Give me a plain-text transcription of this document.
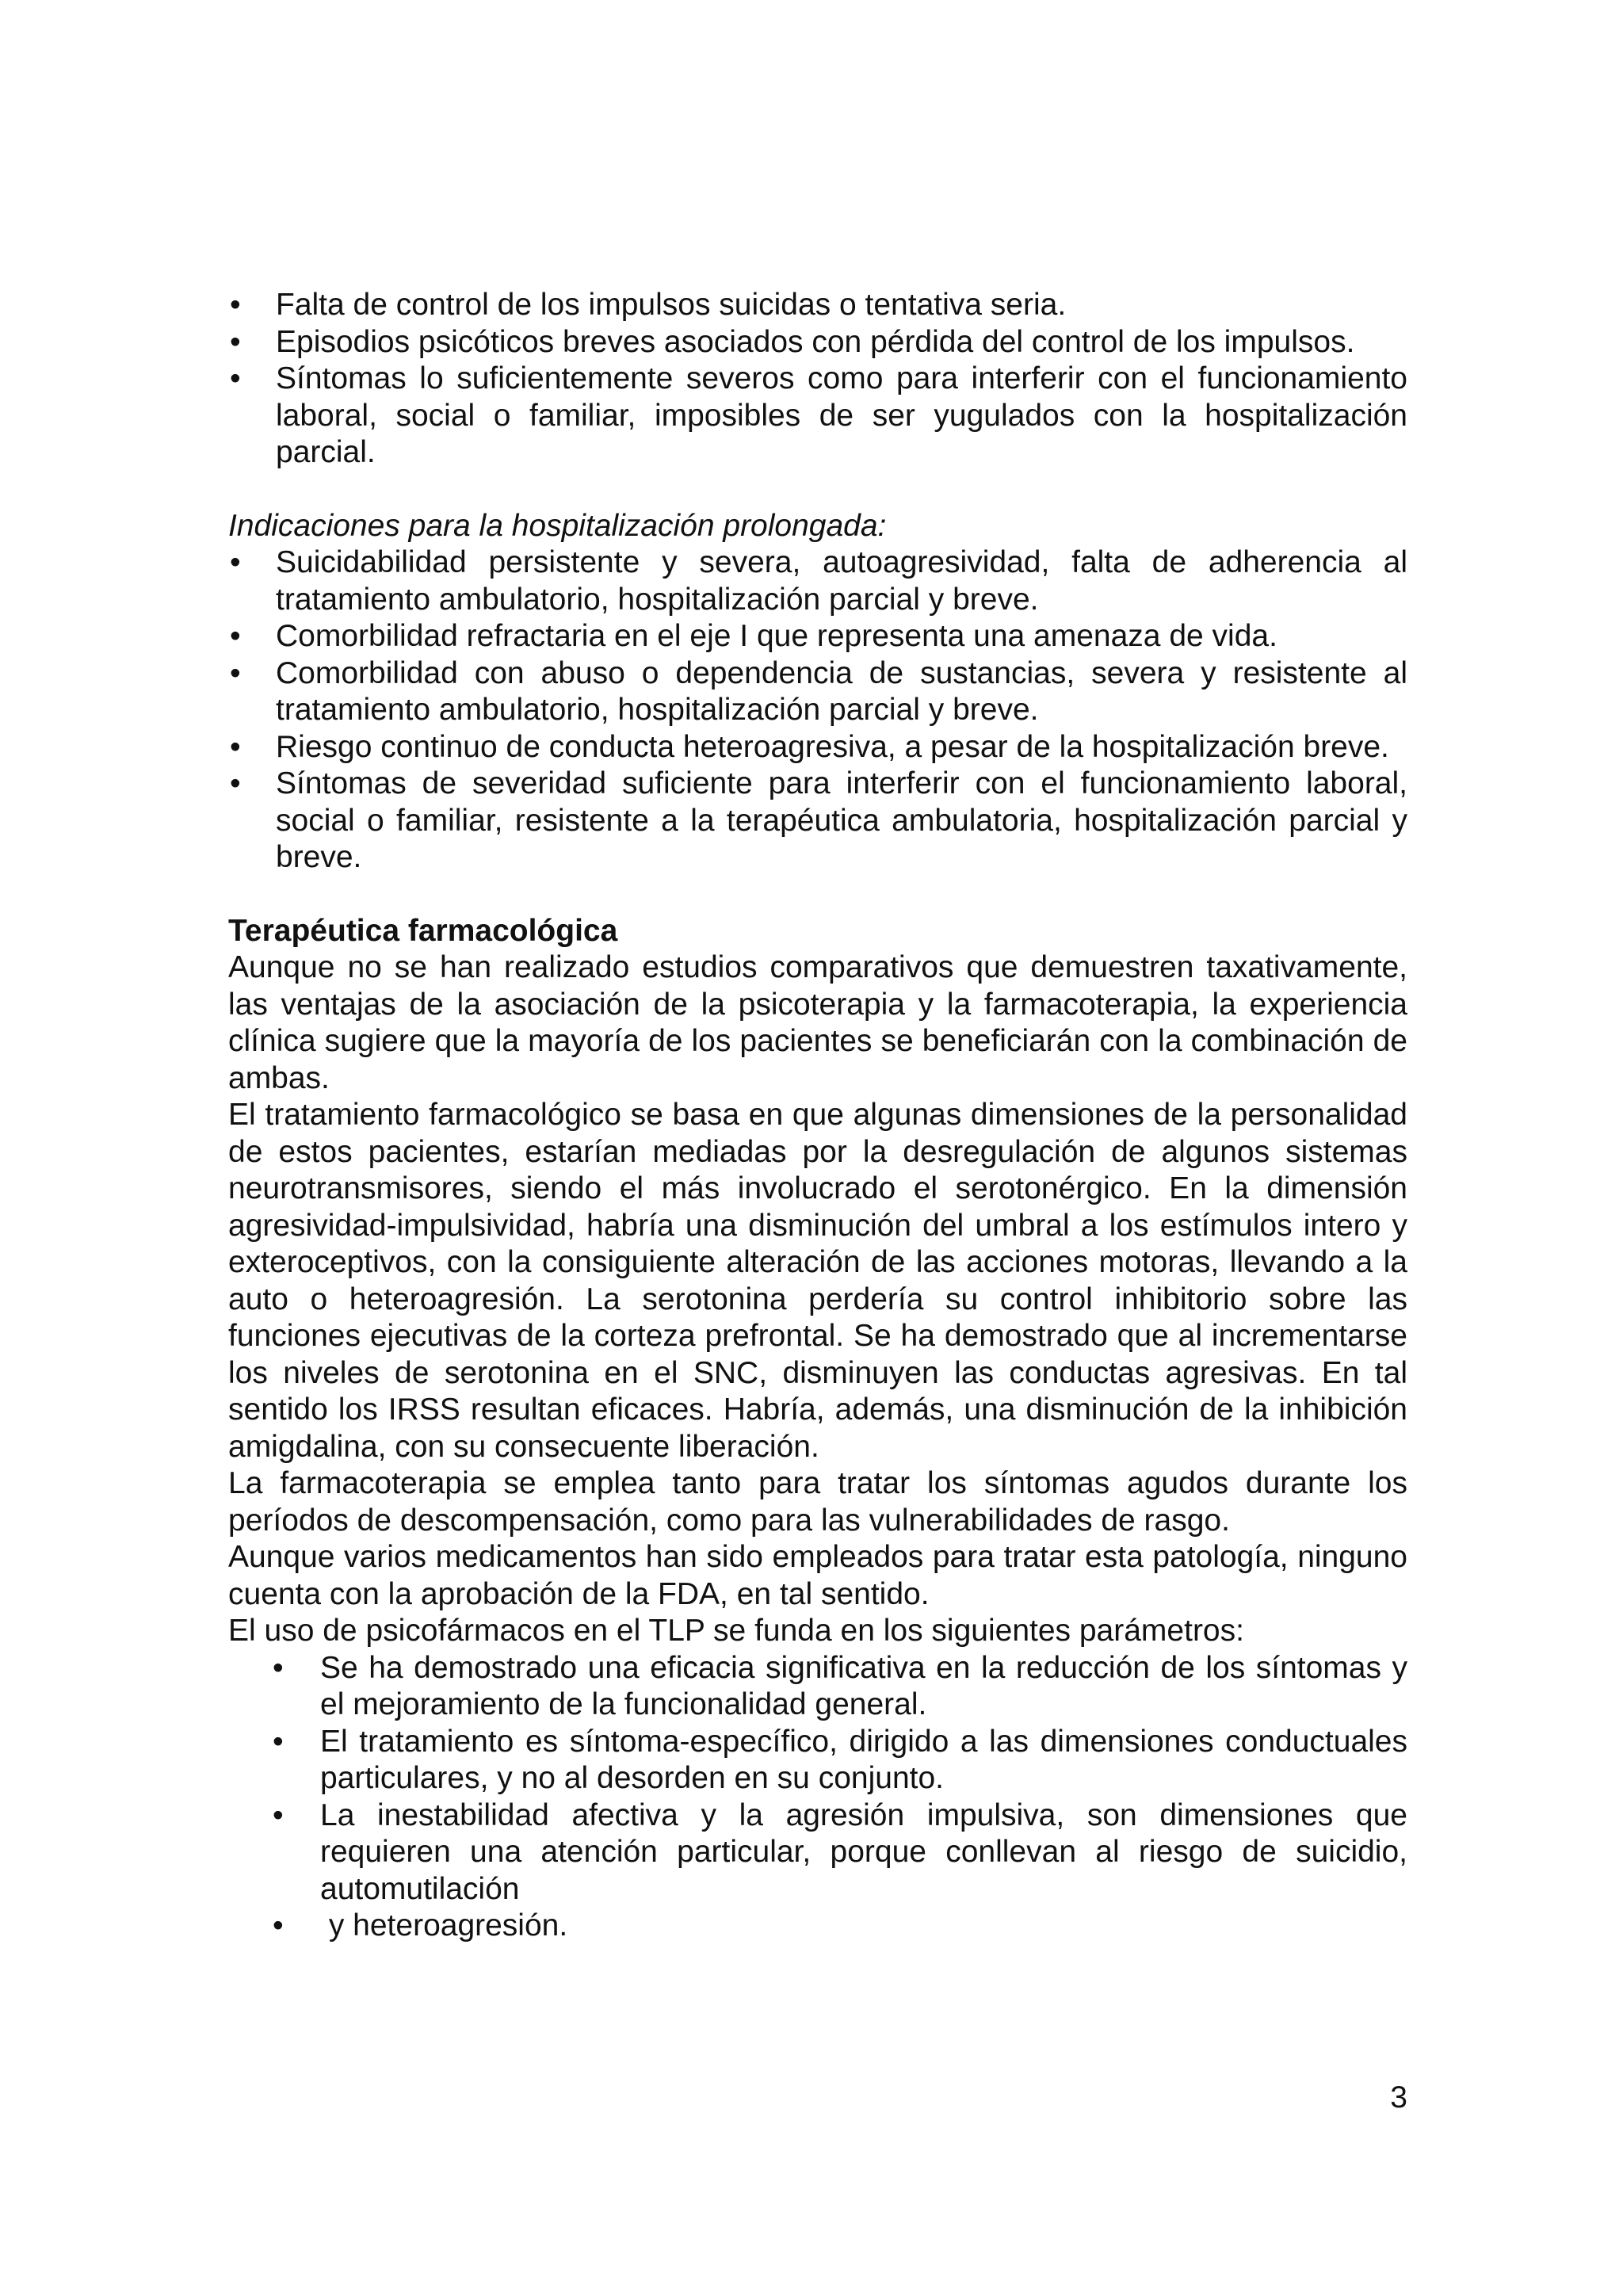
• Falta de control de los impulsos suicidas o tentativa seria.
• Episodios psicóticos breves asociados con pérdida del control de los impulsos.
• Síntomas lo suficientemente severos como para interferir con el funcionamiento laboral, social o familiar, imposibles de ser yugulados con la hospitalización parcial.
Indicaciones para la hospitalización prolongada:
• Suicidabilidad persistente y severa, autoagresividad, falta de adherencia al tratamiento ambulatorio, hospitalización parcial y breve.
• Comorbilidad refractaria en el eje I que representa una amenaza de vida.
• Comorbilidad con abuso o dependencia de sustancias, severa y resistente al tratamiento ambulatorio, hospitalización parcial y breve.
• Riesgo continuo de conducta heteroagresiva, a pesar de la hospitalización breve.
• Síntomas de severidad suficiente para interferir con el funcionamiento laboral, social o familiar, resistente a la terapéutica ambulatoria, hospitalización parcial y breve.
Terapéutica farmacológica

Aunque no se han realizado estudios comparativos que demuestren taxativamente, las ventajas de la asociación de la psicoterapia y la farmacoterapia, la experiencia clínica sugiere que la mayoría de los pacientes se beneficiarán con la combinación de ambas.

El tratamiento farmacológico se basa en que algunas dimensiones de la personalidad de estos pacientes, estarían mediadas por la desregulación de algunos sistemas neurotransmisores, siendo el más involucrado el serotonérgico. En la dimensión agresividad-impulsividad, habría una disminución del umbral a los estímulos intero y exteroceptivos, con la consiguiente alteración de las acciones motoras, llevando a la auto o heteroagresión. La serotonina perdería su control inhibitorio sobre las funciones ejecutivas de la corteza prefrontal. Se ha demostrado que al incrementarse los niveles de serotonina en el SNC, disminuyen las conductas agresivas. En tal sentido los IRSS resultan eficaces. Habría, además, una disminución de la inhibición amigdalina, con su consecuente liberación.

La farmacoterapia se emplea tanto para tratar los síntomas agudos durante los períodos de descompensación, como para las vulnerabilidades de rasgo.

Aunque varios medicamentos han sido empleados para tratar esta patología, ninguno cuenta con la aprobación de la FDA, en tal sentido.

El uso de psicofármacos en el TLP se funda en los siguientes parámetros:

• Se ha demostrado una eficacia significativa en la reducción de los síntomas y el mejoramiento de la funcionalidad general.
• El tratamiento es síntoma-específico, dirigido a las dimensiones conductuales particulares, y no al desorden en su conjunto.
• La inestabilidad afectiva y la agresión impulsiva, son dimensiones que requieren una atención particular, porque conllevan al riesgo de suicidio, automutilación
•  y heteroagresión.
3
